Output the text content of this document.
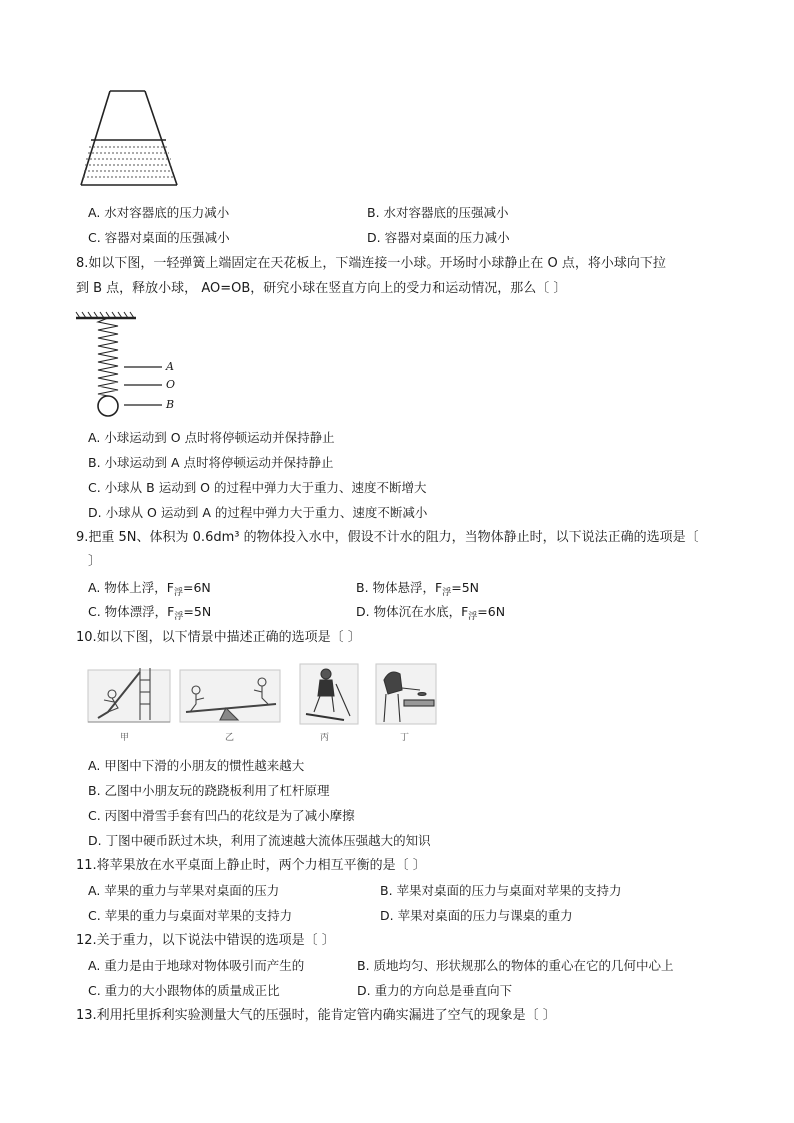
A. 水对容器底的压力减小	B. 水对容器底的压强减小
C. 容器对桌面的压强减小	D. 容器对桌面的压力减小
8.如以下图，一轻弹簧上端固定在天花板上，下端连接一小球。开场时小球静止在 O 点，将小球向下拉
到 B 点，释放小球， AO=OB，研究小球在竖直方向上的受力和运动情况，那么〔 〕
A
O
B
A. 小球运动到 O 点时将停顿运动并保持静止
B. 小球运动到 A 点时将停顿运动并保持静止
C. 小球从 B 运动到 O 的过程中弹力大于重力、速度不断增大
D. 小球从 O 运动到 A 的过程中弹力大于重力、速度不断减小
9.把重 5N、体积为 0.6dm³ 的物体投入水中，假设不计水的阻力，当物体静止时，以下说法正确的选项是〔
〕
A. 物体上浮，$F_浮=6N$	B. 物体悬浮，$F_浮=5N$
C. 物体漂浮，$F_浮=5N$	D. 物体沉在水底，$F_浮=6N$
10.如以下图，以下情景中描述正确的选项是〔 〕
甲	乙	丙	丁
A. 甲图中下滑的小朋友的惯性越来越大
B. 乙图中小朋友玩的跷跷板利用了杠杆原理
C. 丙图中滑雪手套有凹凸的花纹是为了减小摩擦
D. 丁图中硬币跃过木块，利用了流速越大流体压强越大的知识
11.将苹果放在水平桌面上静止时，两个力相互平衡的是〔 〕
A. 苹果的重力与苹果对桌面的压力	B. 苹果对桌面的压力与桌面对苹果的支持力
C. 苹果的重力与桌面对苹果的支持力	D. 苹果对桌面的压力与课桌的重力
12.关于重力，以下说法中错误的选项是〔 〕
A. 重力是由于地球对物体吸引而产生的	B. 质地均匀、形状规那么的物体的重心在它的几何中心上
C. 重力的大小跟物体的质量成正比	D. 重力的方向总是垂直向下
13.利用托里拆利实验测量大气的压强时，能肯定管内确实漏进了空气的现象是〔 〕
